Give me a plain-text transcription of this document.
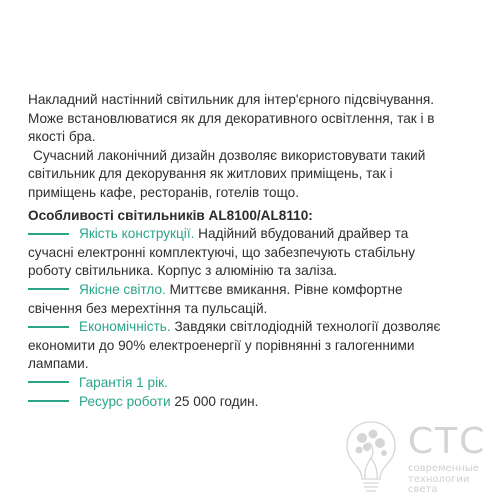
Накладний настінний світильник для інтер'єрного підсвічування.

Може встановлюватися як для декоративного освітлення, так і в

якості бра.

Сучасний лаконічний дизайн дозволяє використовувати такий

світильник для декорування як житлових приміщень, так і

приміщень кафе, ресторанів, готелів тощо.

Особливості світильників AL8100/AL8110:

Якість конструкції. Надійний вбудований драйвер та

сучасні електронні комплектуючі, що забезпечують стабільну

роботу світильника. Корпус з алюмінію та заліза.

Якісне світло. Миттєве вмикання. Рівне комфортне

свічення без мерехтіння та пульсацій.

Економічність. Завдяки світлодіодній технології дозволяє

економити до 90% електроенергії у порівнянні з галогенними

лампами.

Гарантія 1 рік.

Ресурс роботи 25 000 годин.

СТС
современные
технологии
света
